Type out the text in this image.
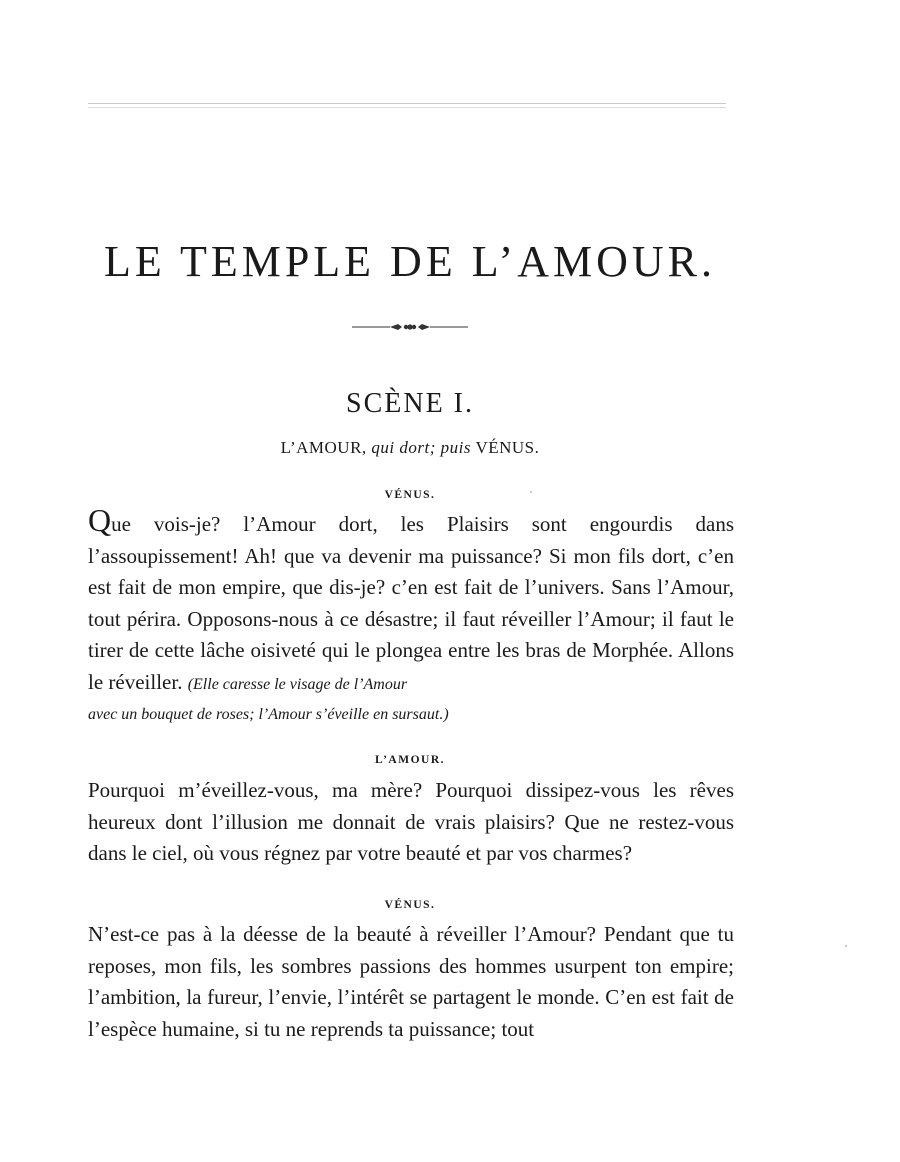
LE TEMPLE DE L’AMOUR.
SCÈNE I.
L’AMOUR, qui dort; puis VÉNUS.
VÉNUS.

Que vois-je? l’Amour dort, les Plaisirs sont engourdis dans l’assoupissement! Ah! que va devenir ma puissance? Si mon fils dort, c’en est fait de mon empire, que dis-je? c’en est fait de l’univers. Sans l’Amour, tout périra. Opposons-nous à ce désastre; il faut réveiller l’Amour; il faut le tirer de cette lâche oisiveté qui le plongea entre les bras de Morphée. Allons le réveiller. (Elle caresse le visage de l’Amour
avec un bouquet de roses; l’Amour s’éveille en sursaut.)

L’AMOUR.

Pourquoi m’éveillez-vous, ma mère? Pourquoi dissipez-vous les rêves heureux dont l’illusion me donnait de vrais plaisirs? Que ne restez-vous dans le ciel, où vous régnez par votre beauté et par vos charmes?

VÉNUS.

N’est-ce pas à la déesse de la beauté à réveiller l’Amour? Pendant que tu reposes, mon fils, les sombres passions des hommes usurpent ton empire; l’ambition, la fureur, l’envie, l’intérêt se partagent le monde. C’en est fait de l’espèce humaine, si tu ne reprends ta puissance; tout
